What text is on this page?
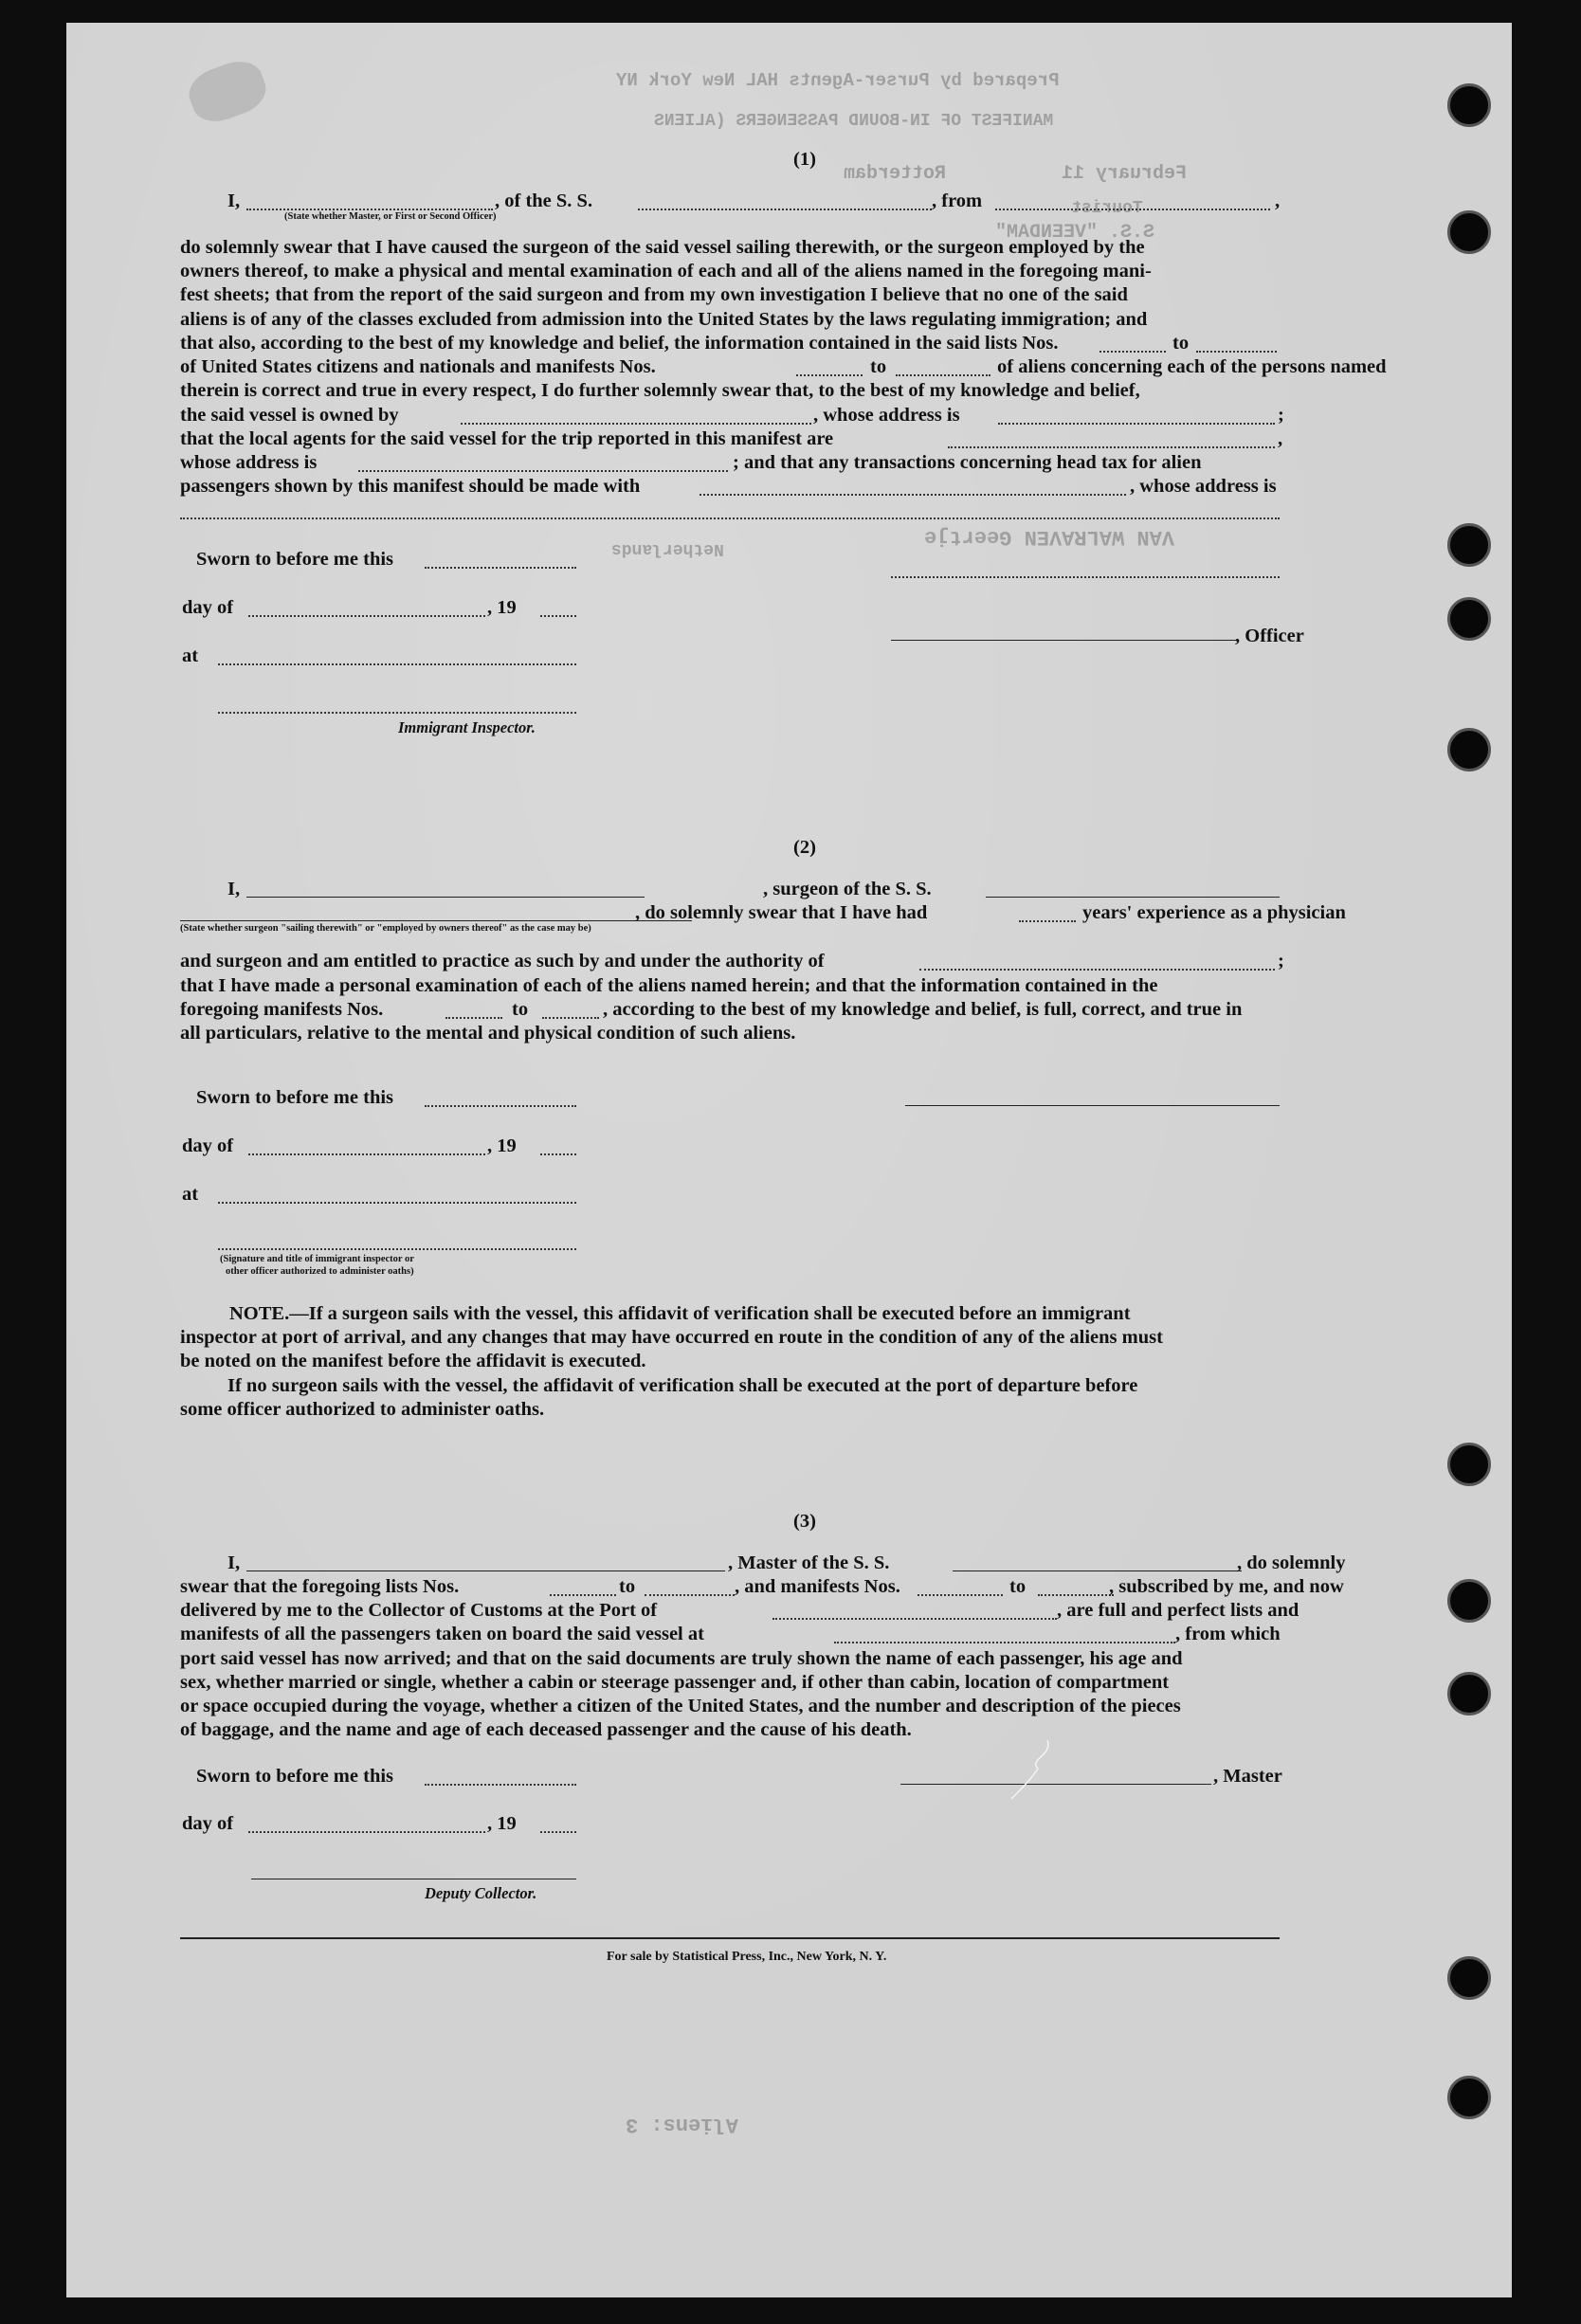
Prepared by Purser-Agents HAL New York NY
MANIFEST OF IN-BOUND PASSENGERS (ALIENS
February 11
Rotterdam
Tourist
S.S. "VEENDAM"
VAN WALRAVEN Geertje
Netherlands
Aliens: 3
(1)
I,	, of the S. S.	, from	,
(State whether Master, or First or Second Officer)
do solemnly swear that I have caused the surgeon of the said vessel sailing therewith, or the surgeon employed by the
owners thereof, to make a physical and mental examination of each and all of the aliens named in the foregoing mani-
fest sheets; that from the report of the said surgeon and from my own investigation I believe that no one of the said
aliens is of any of the classes excluded from admission into the United States by the laws regulating immigration; and
that also, according to the best of my knowledge and belief, the information contained in the said lists Nos.	to
of United States citizens and nationals and manifests Nos.	to	of aliens concerning each of the persons named
therein is correct and true in every respect, I do further solemnly swear that, to the best of my knowledge and belief,
the said vessel is owned by	, whose address is	;
that the local agents for the said vessel for the trip reported in this manifest are	,
whose address is	; and that any transactions concerning head tax for alien
passengers shown by this manifest should be made with	, whose address is
Sworn to before me this
day of	, 19
at
Immigrant Inspector.
, Officer
(2)
I,	, surgeon of the S. S.
, do solemnly swear that I have had	years' experience as a physician
(State whether surgeon "sailing therewith" or "employed by owners thereof" as the case may be)
and surgeon and am entitled to practice as such by and under the authority of	;
that I have made a personal examination of each of the aliens named herein; and that the information contained in the
foregoing manifests Nos.	to	, according to the best of my knowledge and belief, is full, correct, and true in
all particulars, relative to the mental and physical condition of such aliens.
Sworn to before me this
day of	, 19
at
(Signature and title of immigrant inspector or
other officer authorized to administer oaths)
NOTE.—If a surgeon sails with the vessel, this affidavit of verification shall be executed before an immigrant
inspector at port of arrival, and any changes that may have occurred en route in the condition of any of the aliens must
be noted on the manifest before the affidavit is executed.
If no surgeon sails with the vessel, the affidavit of verification shall be executed at the port of departure before
some officer authorized to administer oaths.
(3)
I,	, Master of the S. S.	, do solemnly
swear that the foregoing lists Nos.	to	, and manifests Nos.	to	, subscribed by me, and now
delivered by me to the Collector of Customs at the Port of	, are full and perfect lists and
manifests of all the passengers taken on board the said vessel at	, from which
port said vessel has now arrived; and that on the said documents are truly shown the name of each passenger, his age and
sex, whether married or single, whether a cabin or steerage passenger and, if other than cabin, location of compartment
or space occupied during the voyage, whether a citizen of the United States, and the number and description of the pieces
of baggage, and the name and age of each deceased passenger and the cause of his death.
Sworn to before me this	, Master
day of	, 19
Deputy Collector.
For sale by Statistical Press, Inc., New York, N. Y.
